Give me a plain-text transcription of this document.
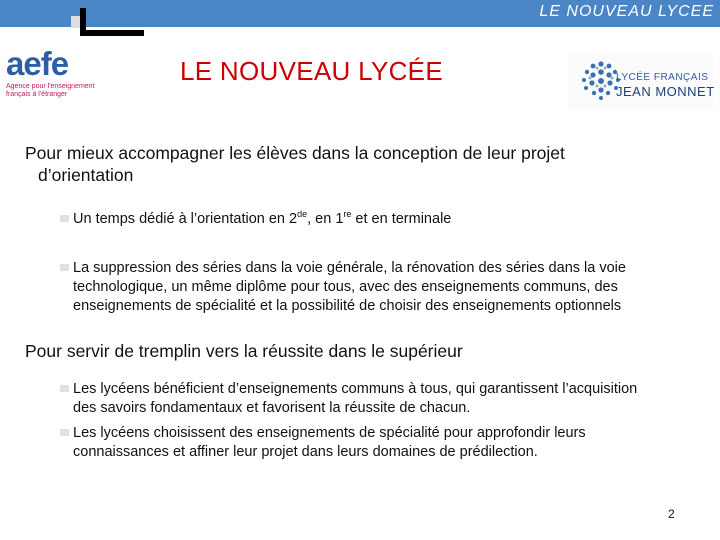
LE NOUVEAU LYCEE
aefe
Agence pour l'enseignement français à l'étranger
LE NOUVEAU LYCÉE	LYCÉE FRANÇAIS
JEAN MONNET
Pour mieux accompagner les élèves dans la conception de leur projet
d’orientation
Un temps dédié à l’orientation en 2de, en 1re et en terminale
La suppression des séries dans la voie générale, la rénovation des séries dans la voie
technologique, un même diplôme pour tous, avec des enseignements communs, des
enseignements de spécialité et la possibilité de choisir des enseignements optionnels
Pour servir de tremplin vers la réussite dans le supérieur
Les lycéens bénéficient d’enseignements communs à tous, qui garantissent l’acquisition
des savoirs fondamentaux et favorisent la réussite de chacun.
Les lycéens choisissent des enseignements de spécialité pour approfondir leurs
connaissances et affiner leur projet dans leurs domaines de prédilection.
2
